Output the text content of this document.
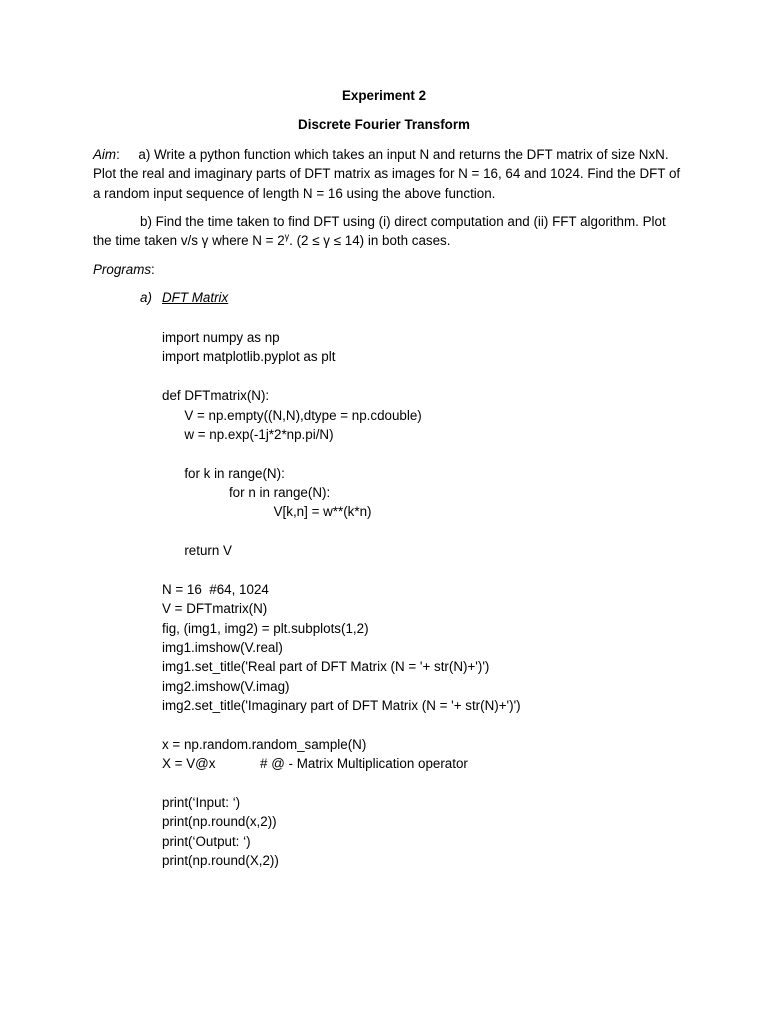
Experiment 2
Discrete Fourier Transform

Aim:     a) Write a python function which takes an input N and returns the DFT matrix of size NxN. Plot the real and imaginary parts of DFT matrix as images for N = 16, 64 and 1024. Find the DFT of a random input sequence of length N = 16 using the above function.

b) Find the time taken to find DFT using (i) direct computation and (ii) FFT algorithm. Plot the time taken v/s γ where $N = 2^\gamma$. (2 ≤ γ ≤ 14) in both cases.

Programs:

a) DFT Matrix
import numpy as np
import matplotlib.pyplot as plt
def DFTmatrix(N):
V = np.empty((N,N),dtype = np.cdouble)
w = np.exp(-1j*2*np.pi/N)
for k in range(N):
for n in range(N):
V[k,n] = w**(k*n)
return V
N = 16  #64, 1024
V = DFTmatrix(N)
fig, (img1, img2) = plt.subplots(1,2)
img1.imshow(V.real)
img1.set_title('Real part of DFT Matrix (N = '+ str(N)+')')
img2.imshow(V.imag)
img2.set_title('Imaginary part of DFT Matrix (N = '+ str(N)+')')
x = np.random.random_sample(N)
X = V@x            # @ - Matrix Multiplication operator
print(‘Input: ‘)
print(np.round(x,2))
print(‘Output: ‘)
print(np.round(X,2))
